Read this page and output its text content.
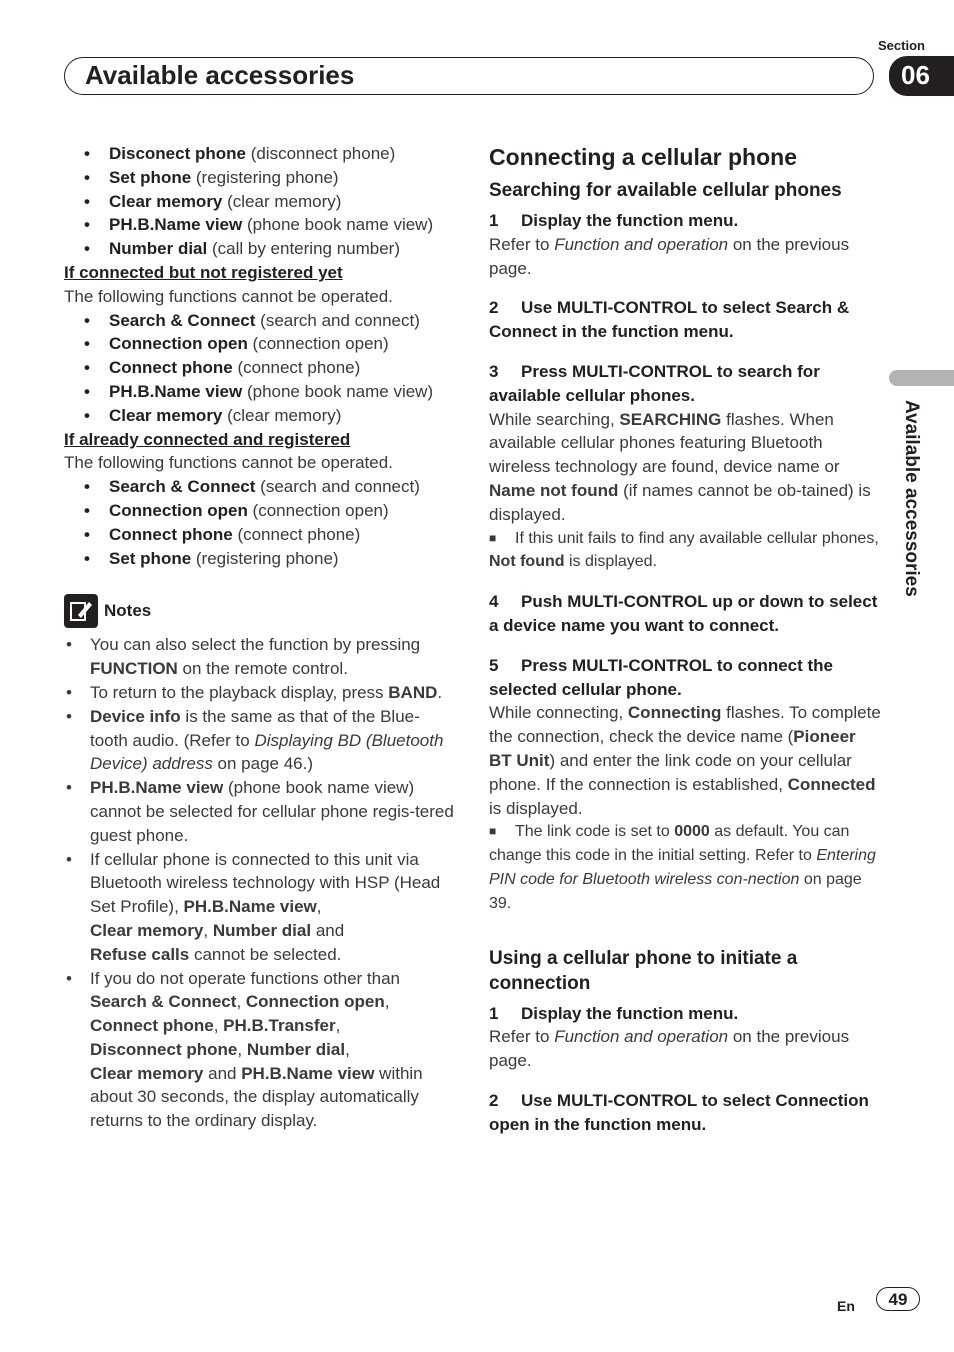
Section
Available accessories	06
Available accessories
• Disconect phone (disconnect phone)
• Set phone (registering phone)
• Clear memory (clear memory)
• PH.B.Name view (phone book name view)
• Number dial (call by entering number)

If connected but not registered yet

The following functions cannot be operated.

• Search & Connect (search and connect)
• Connection open (connection open)
• Connect phone (connect phone)
• PH.B.Name view (phone book name view)
• Clear memory (clear memory)

If already connected and registered

The following functions cannot be operated.

• Search & Connect (search and connect)
• Connection open (connection open)
• Connect phone (connect phone)
• Set phone (registering phone)
Notes
• You can also select the function by pressing FUNCTION on the remote control.
• To return to the playback display, press BAND.
• Device info is the same as that of the Blue-tooth audio. (Refer to Displaying BD (Bluetooth Device) address on page 46.)
• PH.B.Name view (phone book name view) cannot be selected for cellular phone regis-tered guest phone.
• If cellular phone is connected to this unit via Bluetooth wireless technology with HSP (Head Set Profile), PH.B.Name view,
Clear memory, Number dial and
Refuse calls cannot be selected.
• If you do not operate functions other than
Search & Connect, Connection open,
Connect phone, PH.B.Transfer,
Disconnect phone, Number dial,
Clear memory and PH.B.Name view within about 30 seconds, the display automatically returns to the ordinary display.
Connecting a cellular phone
Searching for available cellular phones

1 Display the function menu.

Refer to Function and operation on the previous page.

2 Use MULTI-CONTROL to select Search & Connect in the function menu.

3 Press MULTI-CONTROL to search for available cellular phones.

While searching, SEARCHING flashes. When available cellular phones featuring Bluetooth wireless technology are found, device name or Name not found (if names cannot be ob-tained) is displayed.

■ If this unit fails to find any available cellular phones, Not found is displayed.

4 Push MULTI-CONTROL up or down to select a device name you want to connect.

5 Press MULTI-CONTROL to connect the selected cellular phone.

While connecting, Connecting flashes. To complete the connection, check the device name (Pioneer BT Unit) and enter the link code on your cellular phone. If the connection is established, Connected is displayed.

■ The link code is set to 0000 as default. You can change this code in the initial setting. Refer to Entering PIN code for Bluetooth wireless con-nection on page 39.

Using a cellular phone to initiate a connection

1 Display the function menu.

Refer to Function and operation on the previous page.

2 Use MULTI-CONTROL to select Connection open in the function menu.

En	49
